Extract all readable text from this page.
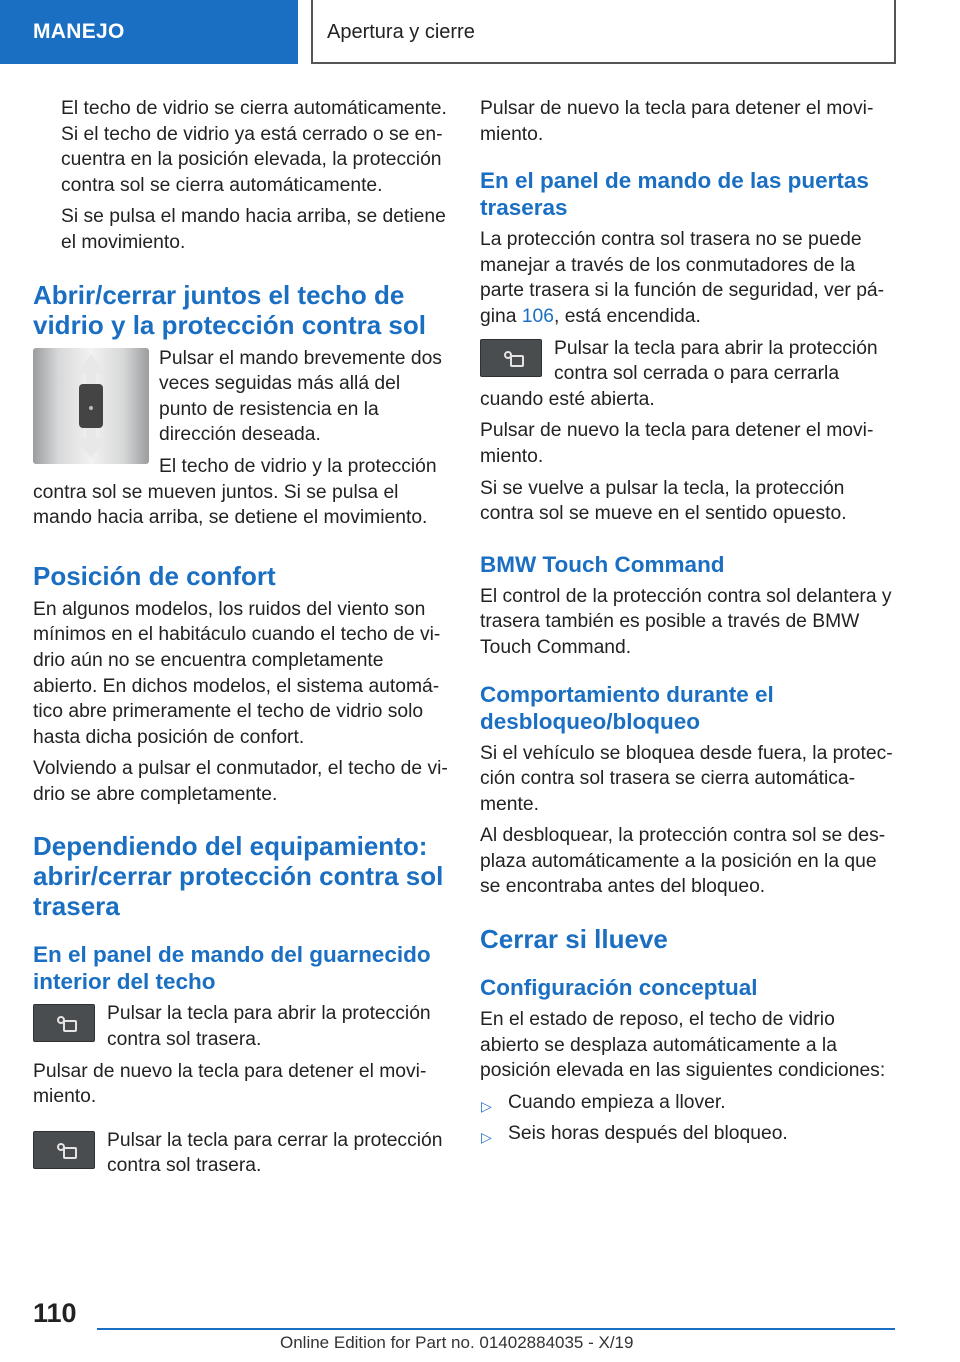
MANEJO	Apertura y cierre

El techo de vidrio se cierra automáticamente. Si el techo de vidrio ya está cerrado o se encuentra en la posición elevada, la protección contra sol se cierra automáticamente.

Si se pulsa el mando hacia arriba, se detiene el movimiento.

Abrir/cerrar juntos el techo de vidrio y la protección contra sol

Pulsar el mando brevemente dos veces seguidas más allá del punto de resistencia en la dirección deseada.

El techo de vidrio y la protección contra sol se mueven juntos. Si se pulsa el mando hacia arriba, se detiene el movimiento.

Posición de confort

En algunos modelos, los ruidos del viento son mínimos en el habitáculo cuando el techo de vidrio aún no se encuentra completamente abierto. En dichos modelos, el sistema automático abre primeramente el techo de vidrio solo hasta dicha posición de confort.

Volviendo a pulsar el conmutador, el techo de vidrio se abre completamente.

Dependiendo del equipamiento: abrir/cerrar protección contra sol trasera
En el panel de mando del guarnecido interior del techo

Pulsar la tecla para abrir la protección contra sol trasera.

Pulsar de nuevo la tecla para detener el movimiento.

Pulsar la tecla para cerrar la protección contra sol trasera.

Pulsar de nuevo la tecla para detener el movimiento.

En el panel de mando de las puertas traseras

La protección contra sol trasera no se puede manejar a través de los conmutadores de la parte trasera si la función de seguridad, ver página 106, está encendida.

Pulsar la tecla para abrir la protección contra sol cerrada o para cerrarla cuando esté abierta.

Pulsar de nuevo la tecla para detener el movimiento.

Si se vuelve a pulsar la tecla, la protección contra sol se mueve en el sentido opuesto.

BMW Touch Command

El control de la protección contra sol delantera y trasera también es posible a través de BMW Touch Command.

Comportamiento durante el desbloqueo/bloqueo

Si el vehículo se bloquea desde fuera, la protección contra sol trasera se cierra automáticamente.

Al desbloquear, la protección contra sol se desplaza automáticamente a la posición en la que se encontraba antes del bloqueo.

Cerrar si llueve
Configuración conceptual

En el estado de reposo, el techo de vidrio abierto se desplaza automáticamente a la posición elevada en las siguientes condiciones:

▷ Cuando empieza a llover.
▷ Seis horas después del bloqueo.
110
Online Edition for Part no. 01402884035 - X/19
